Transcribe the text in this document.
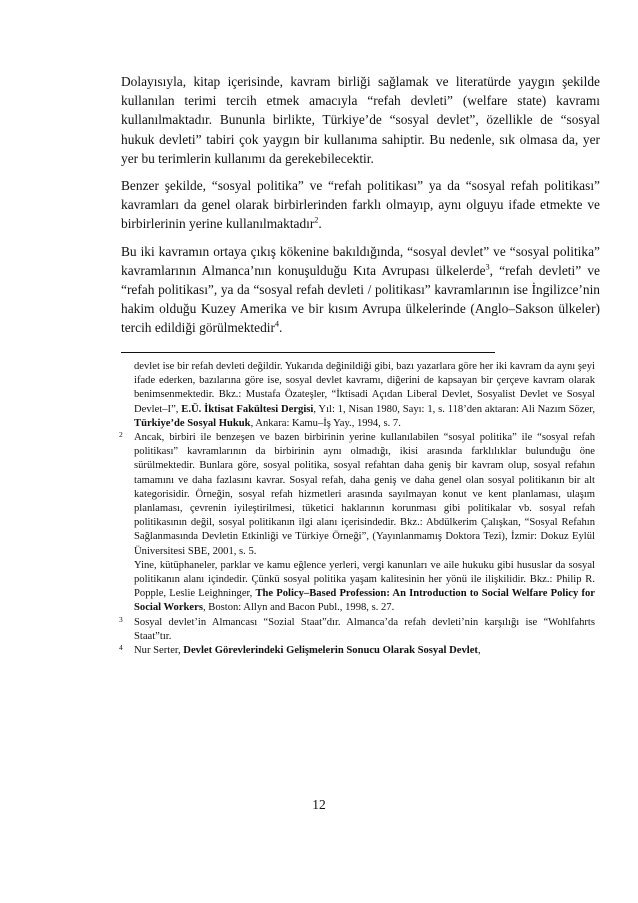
Dolayısıyla, kitap içerisinde, kavram birliği sağlamak ve literatürde yaygın şekilde kullanılan terimi tercih etmek amacıyla “refah devleti” (welfare state) kavramı kullanılmaktadır. Bununla birlikte, Türkiye’de “sosyal devlet”, özellikle de “sosyal hukuk devleti” tabiri çok yaygın bir kullanıma sahiptir. Bu nedenle, sık olmasa da, yer yer bu terimlerin kullanımı da gerekebilecektir.

Benzer şekilde, “sosyal politika” ve “refah politikası” ya da “sosyal refah politikası” kavramları da genel olarak birbirlerinden farklı olmayıp, aynı olguyu ifade etmekte ve birbirlerinin yerine kullanılmaktadır$^2$.

Bu iki kavramın ortaya çıkış kökenine bakıldığında, “sosyal devlet” ve “sosyal politika” kavramlarının Almanca’nın konuşulduğu Kıta Avrupası ülkelerde$^3$, “refah devleti” ve “refah politikası”, ya da “sosyal refah devleti / politikası” kavramlarının ise İngilizce’nin hakim olduğu Kuzey Amerika ve bir kısım Avrupa ülkelerinde (Anglo–Sakson ülkeler) tercih edildiği görülmektedir$^4$.

devlet ise bir refah devleti değildir. Yukarıda değinildiği gibi, bazı yazarlara göre her iki kavram da aynı şeyi ifade ederken, bazılarına göre ise, sosyal devlet kavramı, diğerini de kapsayan bir çerçeve kavram olarak benimsenmektedir. Bkz.: Mustafa Özateşler, “İktisadi Açıdan Liberal Devlet, Sosyalist Devlet ve Sosyal Devlet–I”, E.Ü. İktisat Fakültesi Dergisi, Yıl: 1, Nisan 1980, Sayı: 1, s. 118’den aktaran: Ali Nazım Sözer, Türkiye’de Sosyal Hukuk, Ankara: Kamu–İş Yay., 1994, s. 7.

2 Ancak, birbiri ile benzeşen ve bazen birbirinin yerine kullanılabilen “sosyal politika” ile “sosyal refah politikası” kavramlarının da birbirinin aynı olmadığı, ikisi arasında farklılıklar bulunduğu öne sürülmektedir. Bunlara göre, sosyal politika, sosyal refahtan daha geniş bir kavram olup, sosyal refahın tamamını ve daha fazlasını kavrar. Sosyal refah, daha geniş ve daha genel olan sosyal politikanın bir alt kategorisidir. Örneğin, sosyal refah hizmetleri arasında sayılmayan konut ve kent planlaması, ulaşım planlaması, çevrenin iyileştirilmesi, tüketici haklarının korunması gibi politikalar vb. sosyal refah politikasının değil, sosyal politikanın ilgi alanı içerisindedir. Bkz.: Abdülkerim Çalışkan, “Sosyal Refahın Sağlanmasında Devletin Etkinliği ve Türkiye Örneği”, (Yayınlanmamış Doktora Tezi), İzmir: Dokuz Eylül Üniversitesi SBE, 2001, s. 5.

Yine, kütüphaneler, parklar ve kamu eğlence yerleri, vergi kanunları ve aile hukuku gibi hususlar da sosyal politikanın alanı içindedir. Çünkü sosyal politika yaşam kalitesinin her yönü ile ilişkilidir. Bkz.: Philip R. Popple, Leslie Leighninger, The Policy–Based Profession: An Introduction to Social Welfare Policy for Social Workers, Boston: Allyn and Bacon Publ., 1998, s. 27.

3 Sosyal devlet’in Almancası “Sozial Staat”dır. Almanca’da refah devleti’nin karşılığı ise “Wohlfahrts Staat”tır.

4 Nur Serter, Devlet Görevlerindeki Gelişmelerin Sonucu Olarak Sosyal Devlet,

12
